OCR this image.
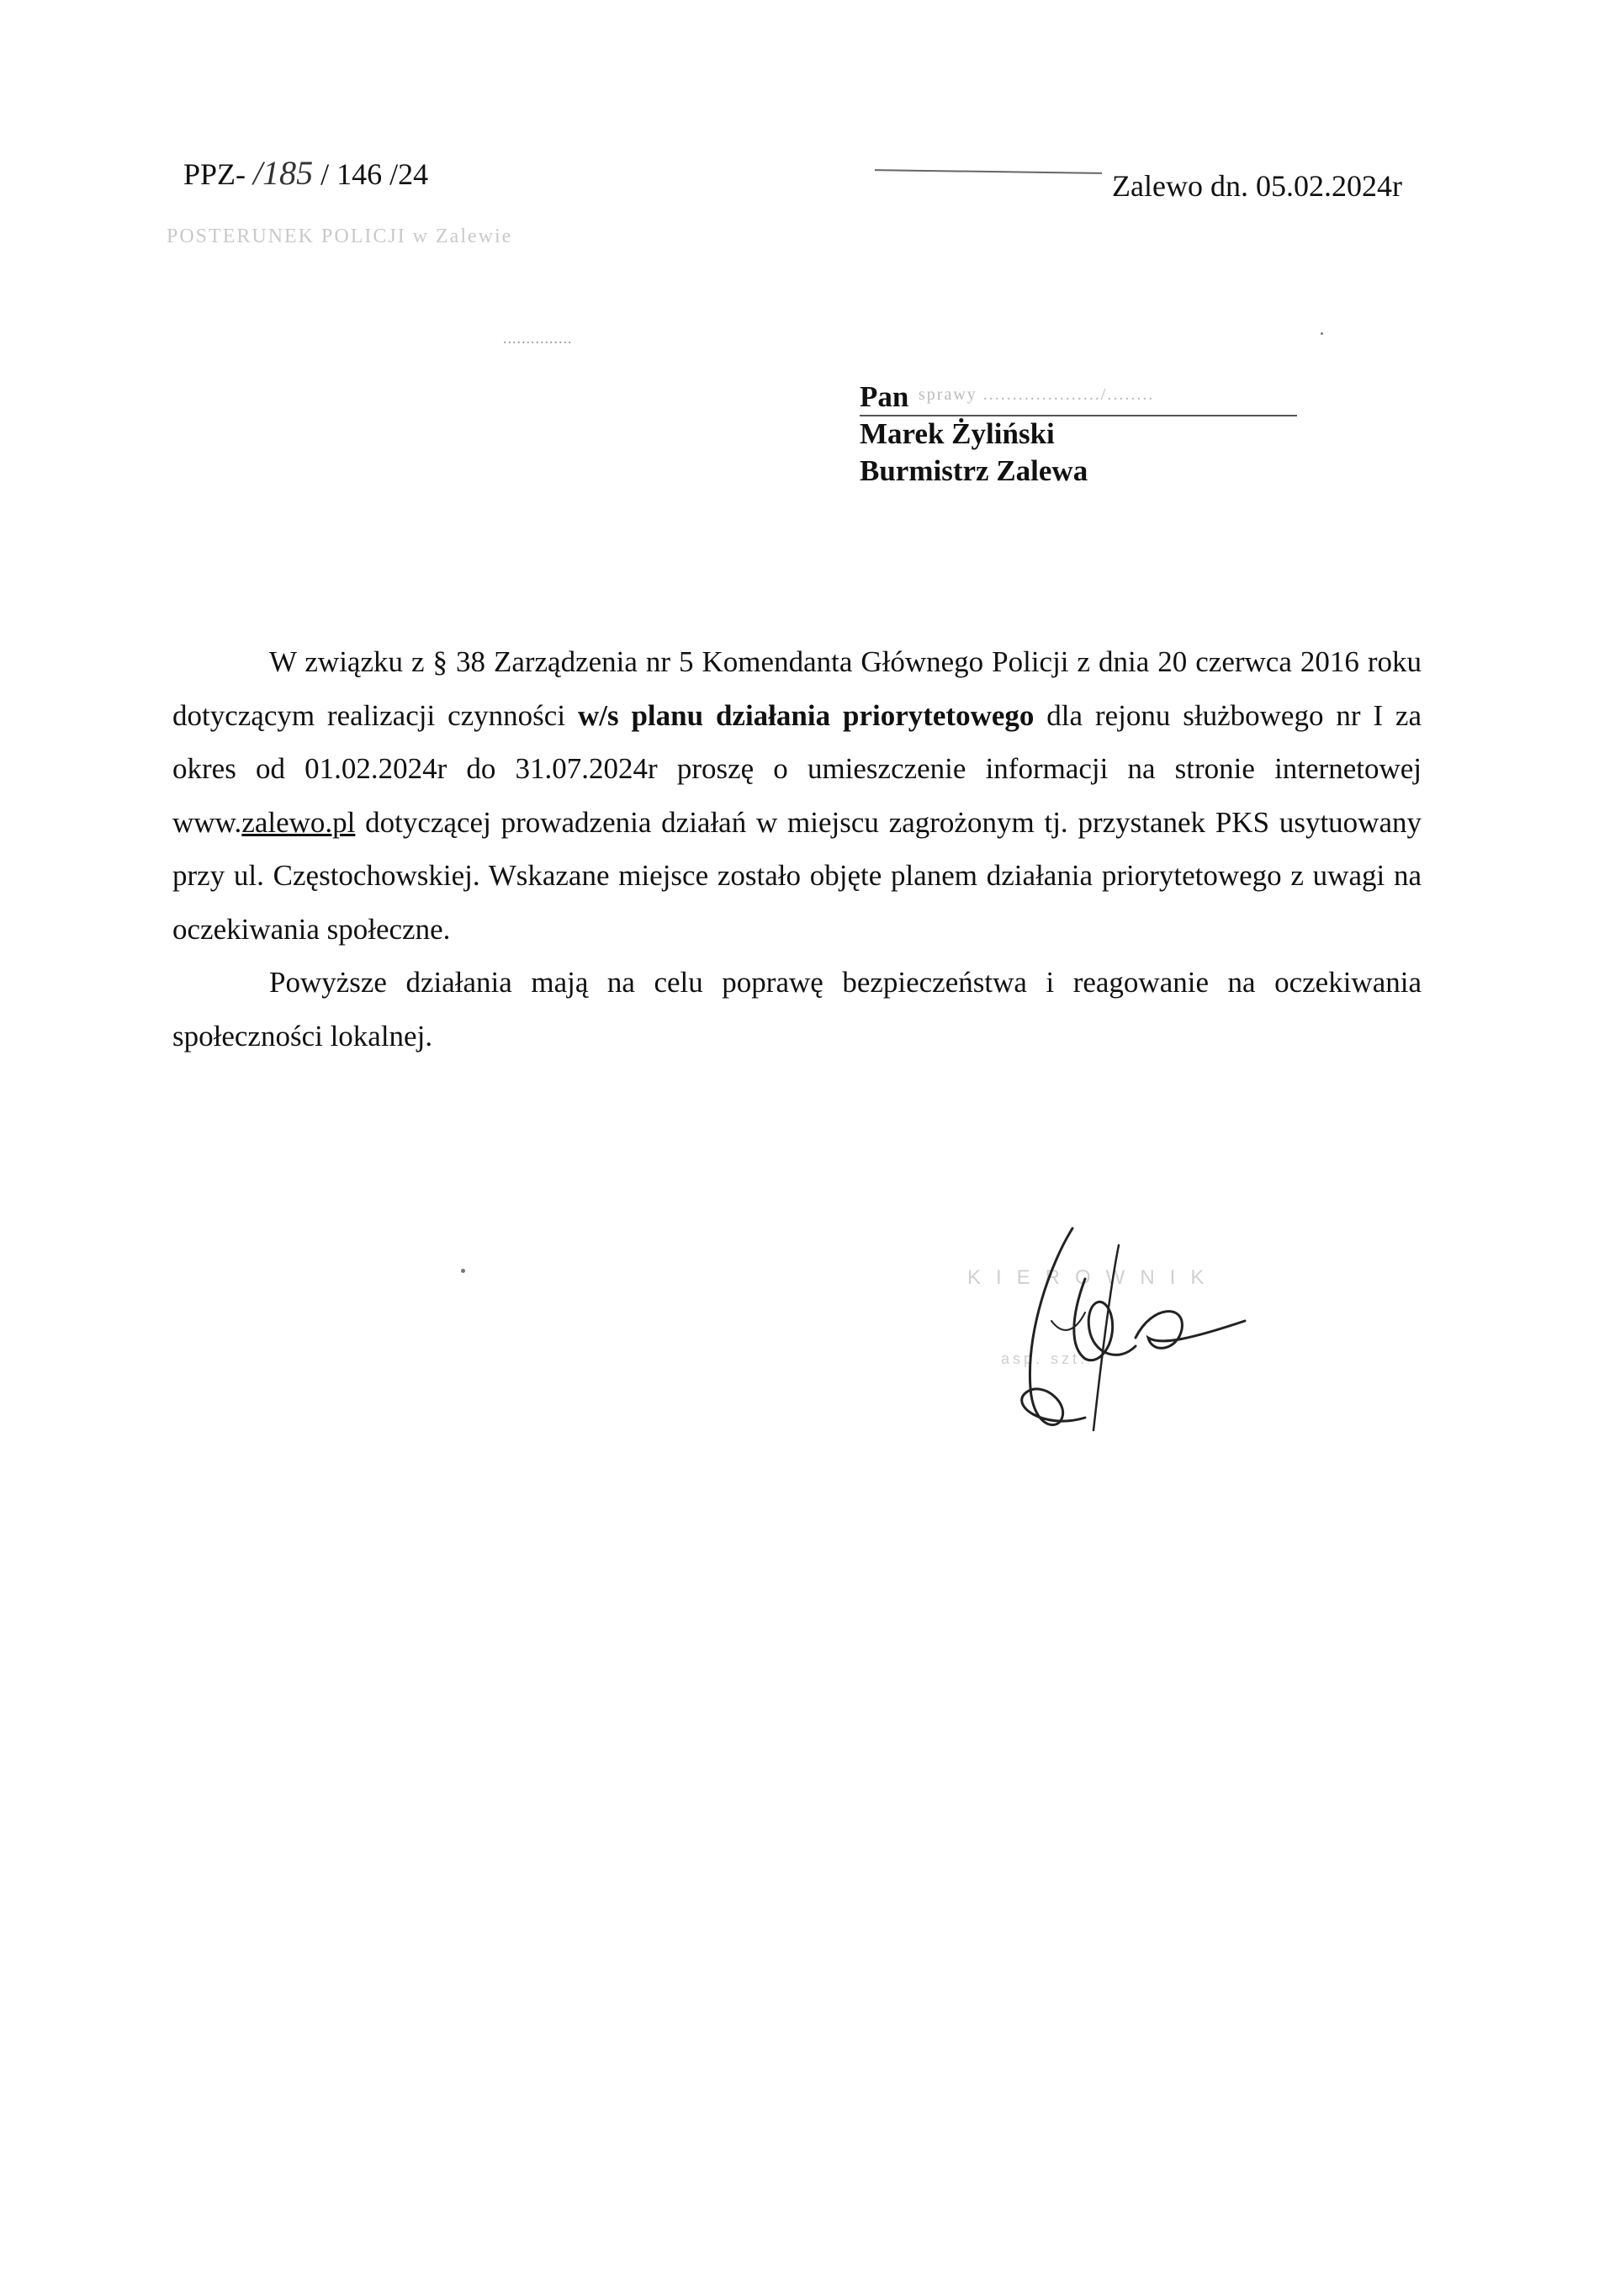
PPZ- /185 / 146 /24
POSTERUNEK POLICJI w Zalewie
...............
Zalewo dn. 05.02.2024r
sprawy ..................../........
Pan
Marek Żyliński
Burmistrz Zalewa

W związku z § 38 Zarządzenia nr 5 Komendanta Głównego Policji z dnia 20 czerwca 2016 roku dotyczącym realizacji czynności w/s planu działania priorytetowego dla rejonu służbowego nr I za okres od 01.02.2024r do 31.07.2024r proszę o umieszczenie informacji na stronie internetowej www.zalewo.pl dotyczącej prowadzenia działań w miejscu zagrożonym tj. przystanek PKS usytuowany przy ul. Częstochowskiej. Wskazane miejsce zostało objęte planem działania priorytetowego z uwagi na oczekiwania społeczne.

Powyższe działania mają na celu poprawę bezpieczeństwa i reagowanie na oczekiwania społeczności lokalnej.

KIEROWNIK
asp. szt.
